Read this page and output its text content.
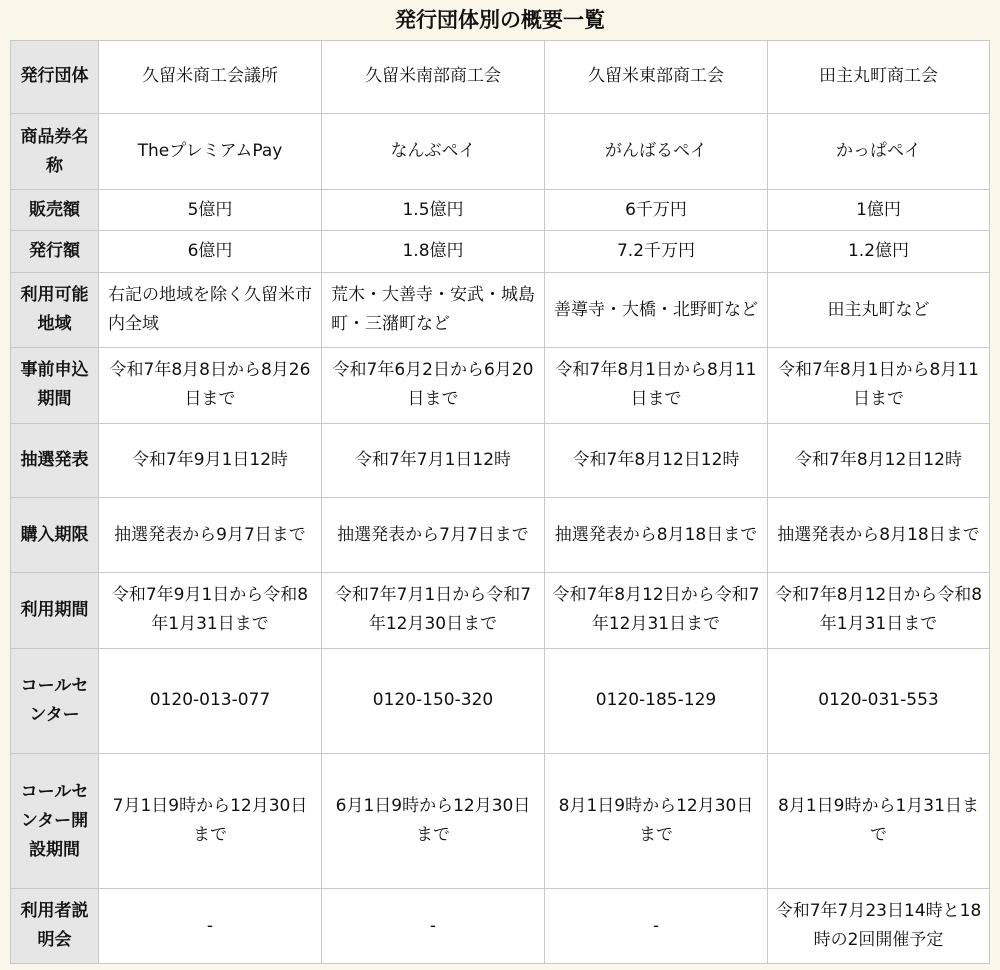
発行団体別の概要一覧
発行団体	久留米商工会議所	久留米南部商工会	久留米東部商工会	田主丸町商工会
商品券名称	TheプレミアムPay	なんぶペイ	がんばるペイ	かっぱペイ
販売額	5億円	1.5億円	6千万円	1億円
発行額	6億円	1.8億円	7.2千万円	1.2億円
利用可能地域	右記の地域を除く久留米市内全域	荒木・大善寺・安武・城島町・三潴町など	善導寺・大橋・北野町など	田主丸町など
事前申込期間	令和7年8月8日から8月26日まで	令和7年6月2日から6月20日まで	令和7年8月1日から8月11日まで	令和7年8月1日から8月11日まで
抽選発表	令和7年9月1日12時	令和7年7月1日12時	令和7年8月12日12時	令和7年8月12日12時
購入期限	抽選発表から9月7日まで	抽選発表から7月7日まで	抽選発表から8月18日まで	抽選発表から8月18日まで
利用期間	令和7年9月1日から令和8年1月31日まで	令和7年7月1日から令和7年12月30日まで	令和7年8月12日から令和7年12月31日まで	令和7年8月12日から令和8年1月31日まで
コールセンター	0120-013-077	0120-150-320	0120-185-129	0120-031-553
コールセンター開設期間	7月1日9時から12月30日まで	6月1日9時から12月30日まで	8月1日9時から12月30日まで	8月1日9時から1月31日まで
利用者説明会	-	-	-	令和7年7月23日14時と18時の2回開催予定
